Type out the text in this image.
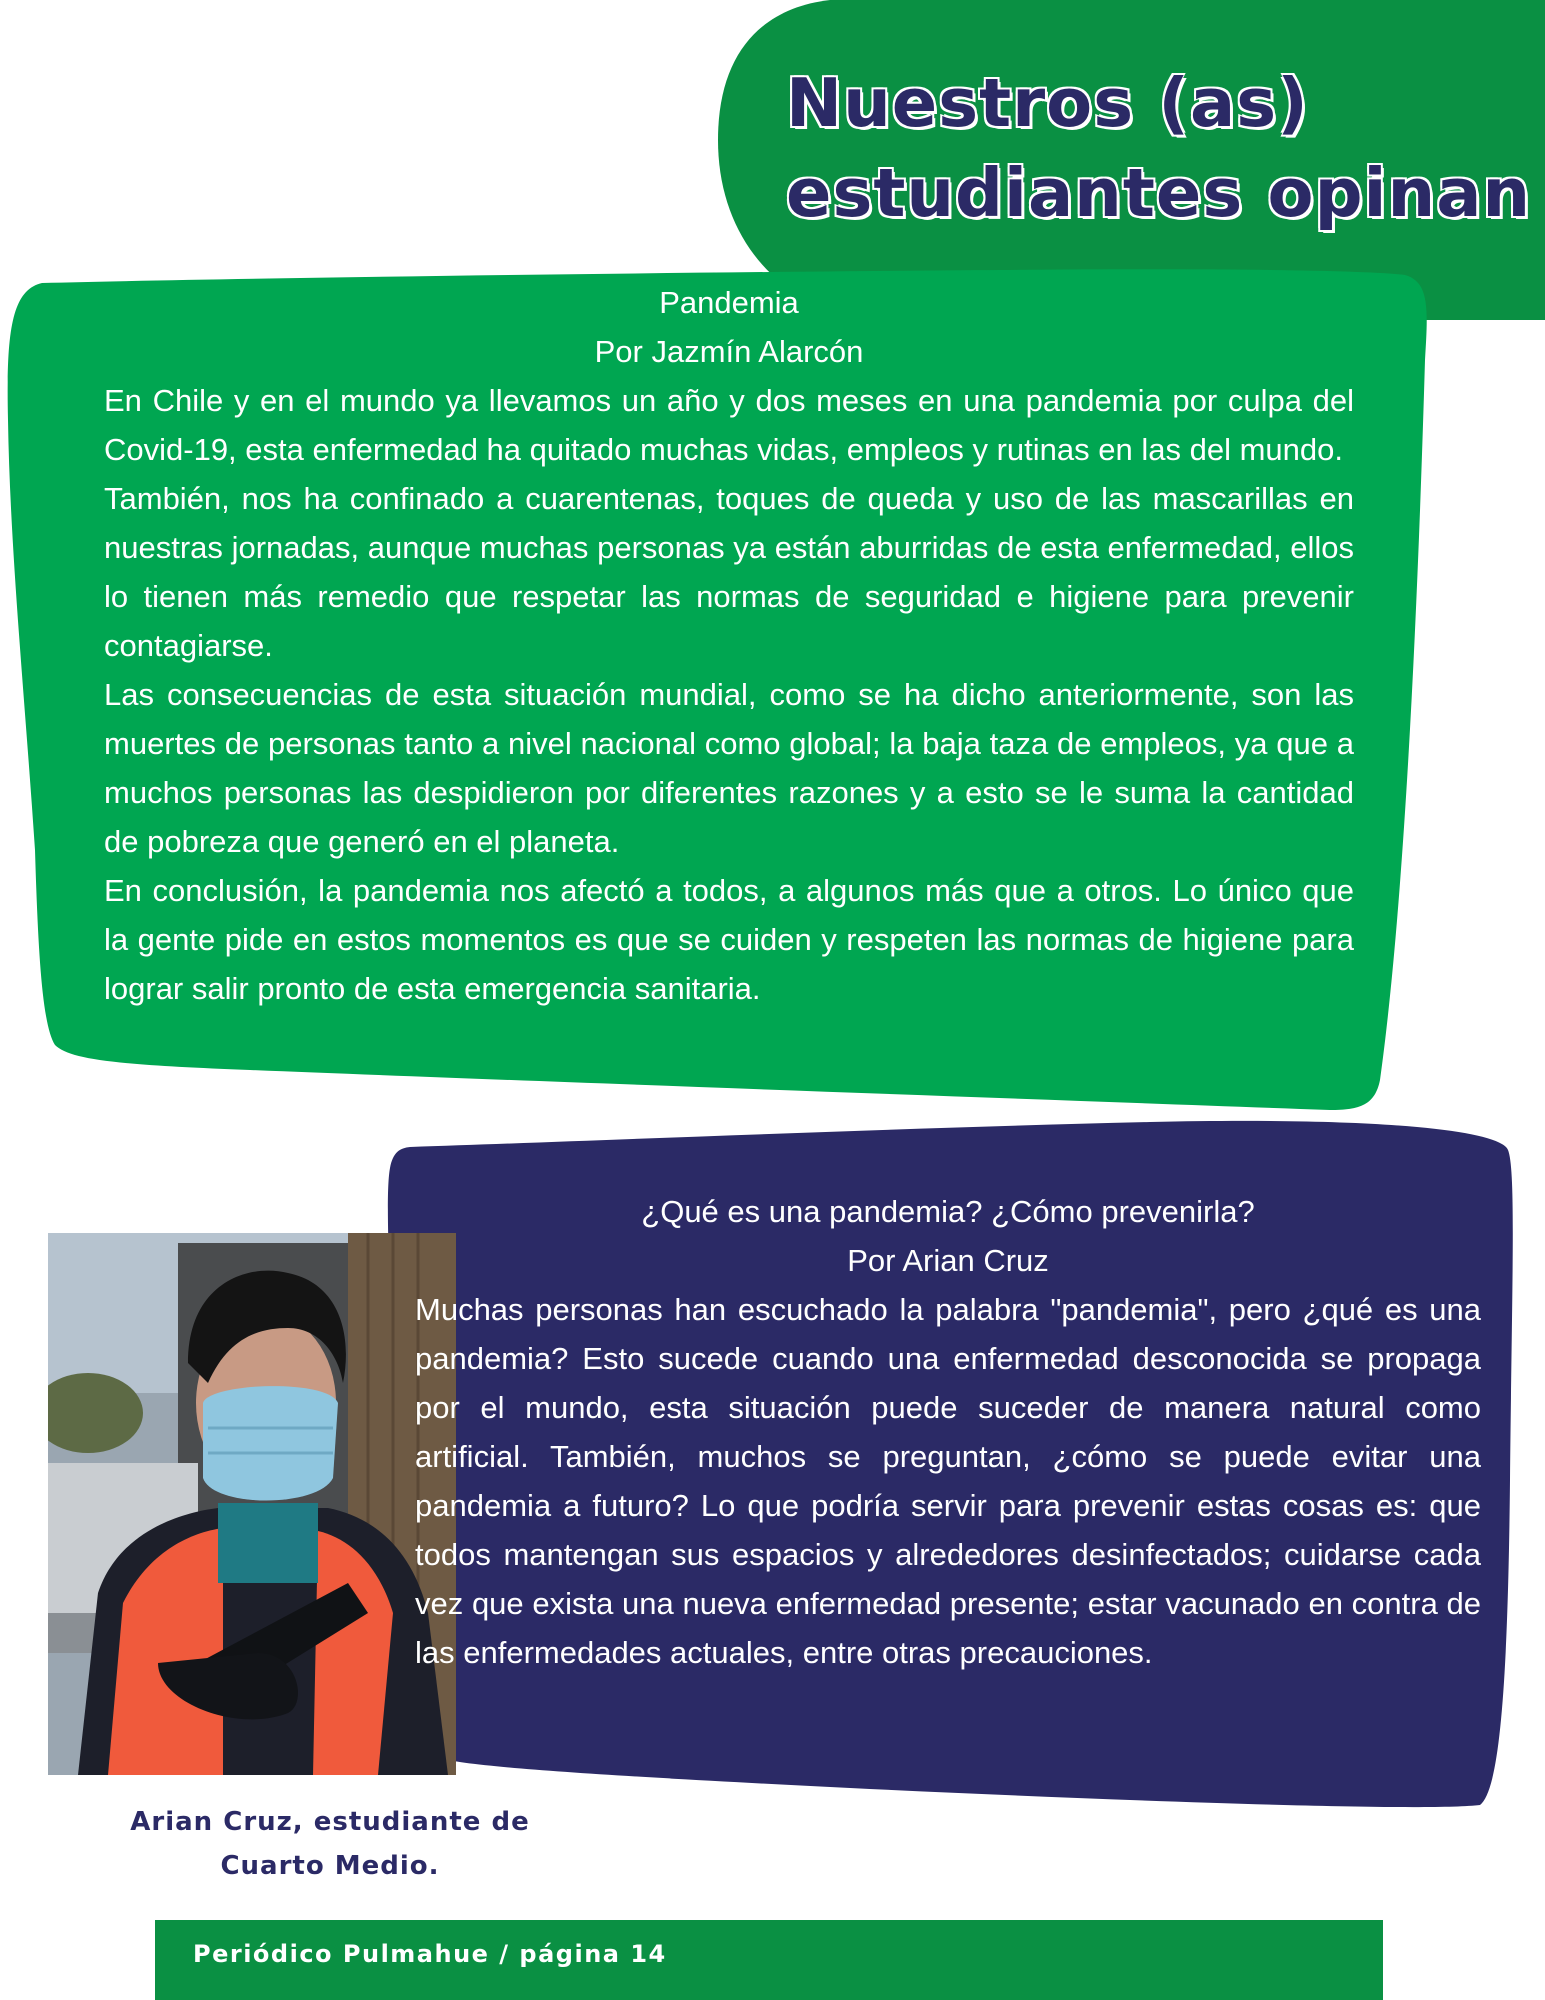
Nuestros (as)
estudiantes opinan
Pandemia
Por Jazmín Alarcón

En Chile y en el mundo ya llevamos un año y dos meses en una pandemia por culpa del Covid-19, esta enfermedad ha quitado muchas vidas, empleos y rutinas en las del mundo.

También, nos ha confinado a cuarentenas, toques de queda y uso de las mascarillas en nuestras jornadas, aunque muchas personas ya están aburridas de esta enfermedad, ellos lo tienen más remedio que respetar las normas de seguridad e higiene para prevenir contagiarse.

Las consecuencias de esta situación mundial, como se ha dicho anteriormente, son las muertes de personas tanto a nivel nacional como global; la baja taza de empleos, ya que a muchos personas las despidieron por diferentes razones y a esto se le suma la cantidad de pobreza que generó en el planeta.

En conclusión, la pandemia nos afectó a todos, a algunos más que a otros. Lo único que la gente pide en estos momentos es que se cuiden y respeten las normas de higiene para lograr salir pronto de esta emergencia sanitaria.

¿Qué es una pandemia? ¿Cómo prevenirla?
Por Arian Cruz

Muchas personas han escuchado la palabra "pandemia", pero ¿qué es una pandemia? Esto sucede cuando una enfermedad desconocida se propaga por el mundo, esta situación puede suceder de manera natural como artificial. También, muchos se preguntan, ¿cómo se puede evitar una pandemia a futuro? Lo que podría servir para prevenir estas cosas es: que todos mantengan sus espacios y alrededores desinfectados; cuidarse cada vez que exista una nueva enfermedad presente; estar vacunado en contra de las enfermedades actuales, entre otras precauciones.

Arian Cruz, estudiante de
Cuarto Medio.
Periódico Pulmahue / página 14
